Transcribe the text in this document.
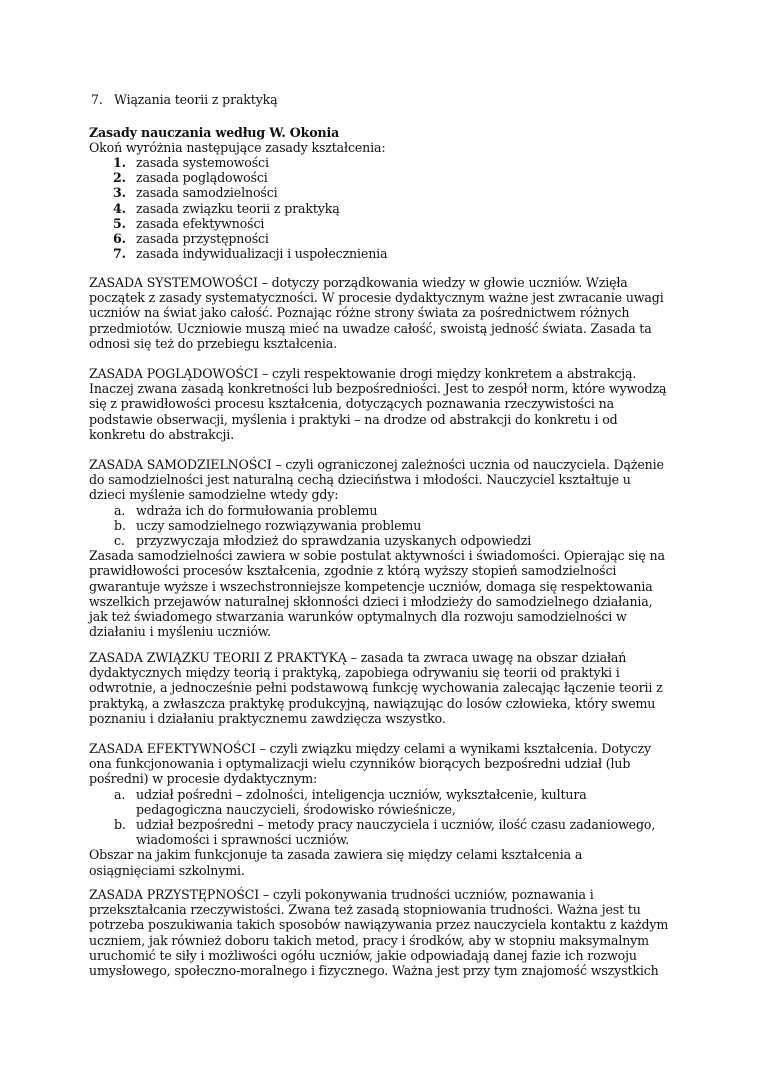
7. Wiązania teorii z praktyką
Zasady nauczania według W. Okonia
Okoń wyróżnia następujące zasady kształcenia:
1. zasada systemowości
2. zasada poglądowości
3. zasada samodzielności
4. zasada związku teorii z praktyką
5. zasada efektywności
6. zasada przystępności
7. zasada indywidualizacji i uspołecznienia

ZASADA SYSTEMOWOŚCI – dotyczy porządkowania wiedzy w głowie uczniów. Wzięła

początek z zasady systematyczności. W procesie dydaktycznym ważne jest zwracanie uwagi

uczniów na świat jako całość. Poznając różne strony świata za pośrednictwem różnych

przedmiotów. Uczniowie muszą mieć na uwadze całość, swoistą jedność świata. Zasada ta

odnosi się też do przebiegu kształcenia.

ZASADA POGLĄDOWOŚCI – czyli respektowanie drogi między konkretem a abstrakcją.

Inaczej zwana zasadą konkretności lub bezpośredniości. Jest to zespół norm, które wywodzą

się z prawidłowości procesu kształcenia, dotyczących poznawania rzeczywistości na

podstawie obserwacji, myślenia i praktyki – na drodze od abstrakcji do konkretu i od

konkretu do abstrakcji.

ZASADA SAMODZIELNOŚCI – czyli ograniczonej zależności ucznia od nauczyciela. Dążenie

do samodzielności jest naturalną cechą dzieciństwa i młodości. Nauczyciel kształtuje u

dzieci myślenie samodzielne wtedy gdy:

a. wdraża ich do formułowania problemu
b. uczy samodzielnego rozwiązywania problemu
c. przyzwyczaja młodzież do sprawdzania uzyskanych odpowiedzi

Zasada samodzielności zawiera w sobie postulat aktywności i świadomości. Opierając się na

prawidłowości procesów kształcenia, zgodnie z którą wyższy stopień samodzielności

gwarantuje wyższe i wszechstronniejsze kompetencje uczniów, domaga się respektowania

wszelkich przejawów naturalnej skłonności dzieci i młodzieży do samodzielnego działania,

jak też świadomego stwarzania warunków optymalnych dla rozwoju samodzielności w

działaniu i myśleniu uczniów.

ZASADA ZWIĄZKU TEORII Z PRAKTYKĄ – zasada ta zwraca uwagę na obszar działań

dydaktycznych między teorią i praktyką, zapobiega odrywaniu się teorii od praktyki i

odwrotnie, a jednocześnie pełni podstawową funkcję wychowania zalecając łączenie teorii z

praktyką, a zwłaszcza praktykę produkcyjną, nawiązując do losów człowieka, który swemu

poznaniu i działaniu praktycznemu zawdzięcza wszystko.

ZASADA EFEKTYWNOŚCI – czyli związku między celami a wynikami kształcenia. Dotyczy

ona funkcjonowania i optymalizacji wielu czynników biorących bezpośredni udział (lub

pośredni) w procesie dydaktycznym:

a. udział pośredni – zdolności, inteligencja uczniów, wykształcenie, kultura
pedagogiczna nauczycieli, środowisko rówieśnicze,
b. udział bezpośredni – metody pracy nauczyciela i uczniów, ilość czasu zadaniowego,
wiadomości i sprawności uczniów.

Obszar na jakim funkcjonuje ta zasada zawiera się między celami kształcenia a

osiągnięciami szkolnymi.

ZASADA PRZYSTĘPNOŚCI – czyli pokonywania trudności uczniów, poznawania i

przekształcania rzeczywistości. Zwana też zasadą stopniowania trudności. Ważna jest tu

potrzeba poszukiwania takich sposobów nawiązywania przez nauczyciela kontaktu z każdym

uczniem, jak również doboru takich metod, pracy i środków, aby w stopniu maksymalnym

uruchomić te siły i możliwości ogółu uczniów, jakie odpowiadają danej fazie ich rozwoju

umysłowego, społeczno-moralnego i fizycznego. Ważna jest przy tym znajomość wszystkich
